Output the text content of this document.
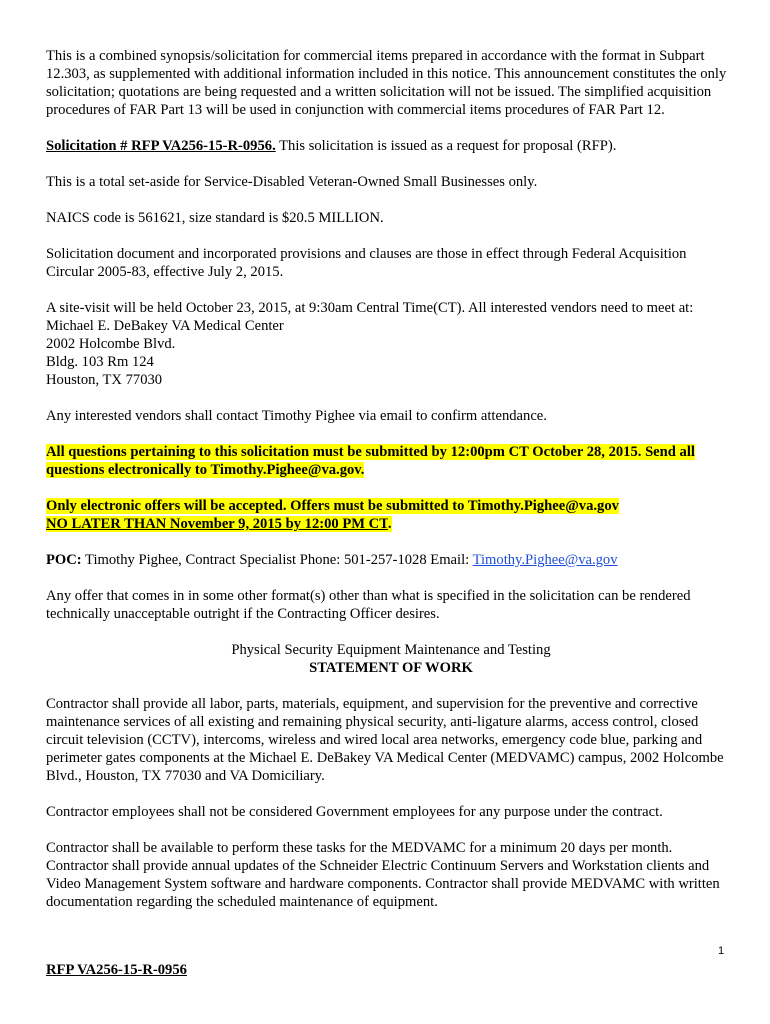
This is a combined synopsis/solicitation for commercial items prepared in accordance with the format in Subpart 12.303, as supplemented with additional information included in this notice. This announcement constitutes the only solicitation; quotations are being requested and a written solicitation will not be issued. The simplified acquisition procedures of FAR Part 13 will be used in conjunction with commercial items procedures of FAR Part 12.

Solicitation # RFP VA256-15-R-0956. This solicitation is issued as a request for proposal (RFP).

This is a total set-aside for Service-Disabled Veteran-Owned Small Businesses only.

NAICS code is 561621, size standard is $20.5 MILLION.

Solicitation document and incorporated provisions and clauses are those in effect through Federal Acquisition Circular 2005-83, effective July 2, 2015.

A site-visit will be held October 23, 2015, at 9:30am Central Time(CT). All interested vendors need to meet at:
Michael E. DeBakey VA Medical Center
2002 Holcombe Blvd.
Bldg. 103 Rm 124
Houston, TX 77030

Any interested vendors shall contact Timothy Pighee via email to confirm attendance.

All questions pertaining to this solicitation must be submitted by 12:00pm CT October 28, 2015. Send all questions electronically to Timothy.Pighee@va.gov.

Only electronic offers will be accepted. Offers must be submitted to Timothy.Pighee@va.gov
NO LATER THAN November 9, 2015 by 12:00 PM CT.

POC: Timothy Pighee, Contract Specialist Phone: 501-257-1028 Email: Timothy.Pighee@va.gov

Any offer that comes in in some other format(s) other than what is specified in the solicitation can be rendered technically unacceptable outright if the Contracting Officer desires.

Physical Security Equipment Maintenance and Testing

STATEMENT OF WORK

Contractor shall provide all labor, parts, materials, equipment, and supervision for the preventive and corrective maintenance services of all existing and remaining physical security, anti-ligature alarms, access control, closed circuit television (CCTV), intercoms, wireless and wired local area networks, emergency code blue, parking and perimeter gates components at the Michael E. DeBakey VA Medical Center (MEDVAMC) campus, 2002 Holcombe Blvd., Houston, TX 77030 and VA Domiciliary.

Contractor employees shall not be considered Government employees for any purpose under the contract.

Contractor shall be available to perform these tasks for the MEDVAMC for a minimum 20 days per month. Contractor shall provide annual updates of the Schneider Electric Continuum Servers and Workstation clients and Video Management System software and hardware components. Contractor shall provide MEDVAMC with written documentation regarding the scheduled maintenance of equipment.

1
RFP VA256-15-R-0956
